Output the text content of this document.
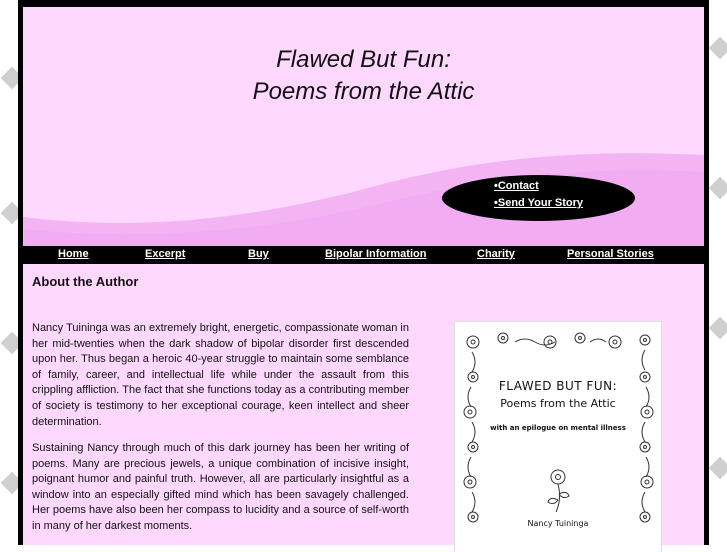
Flawed But Fun:
Poems from the Attic
•Contact
•Send Your Story
Home	Excerpt	Buy	Bipolar Information	Charity	Personal Stories
About the Author

Nancy Tuininga was an extremely bright, energetic, compassionate woman in her mid-twenties when the dark shadow of bipolar disorder first descended upon her. Thus began a heroic 40-year struggle to maintain some semblance of family, career, and intellectual life while under the assault from this crippling affliction. The fact that she functions today as a contributing member of society is testimony to her exceptional courage, keen intellect and sheer determination.

Sustaining Nancy through much of this dark journey has been her writing of poems. Many are precious jewels, a unique combination of incisive insight, poignant humor and painful truth. However, all are particularly insightful as a window into an especially gifted mind which has been savagely challenged. Her poems have also been her compass to lucidity and a source of self-worth in many of her darkest moments.

FLAWED BUT FUN:
Poems from the Attic
with an epilogue on mental illness
Nancy Tuininga
